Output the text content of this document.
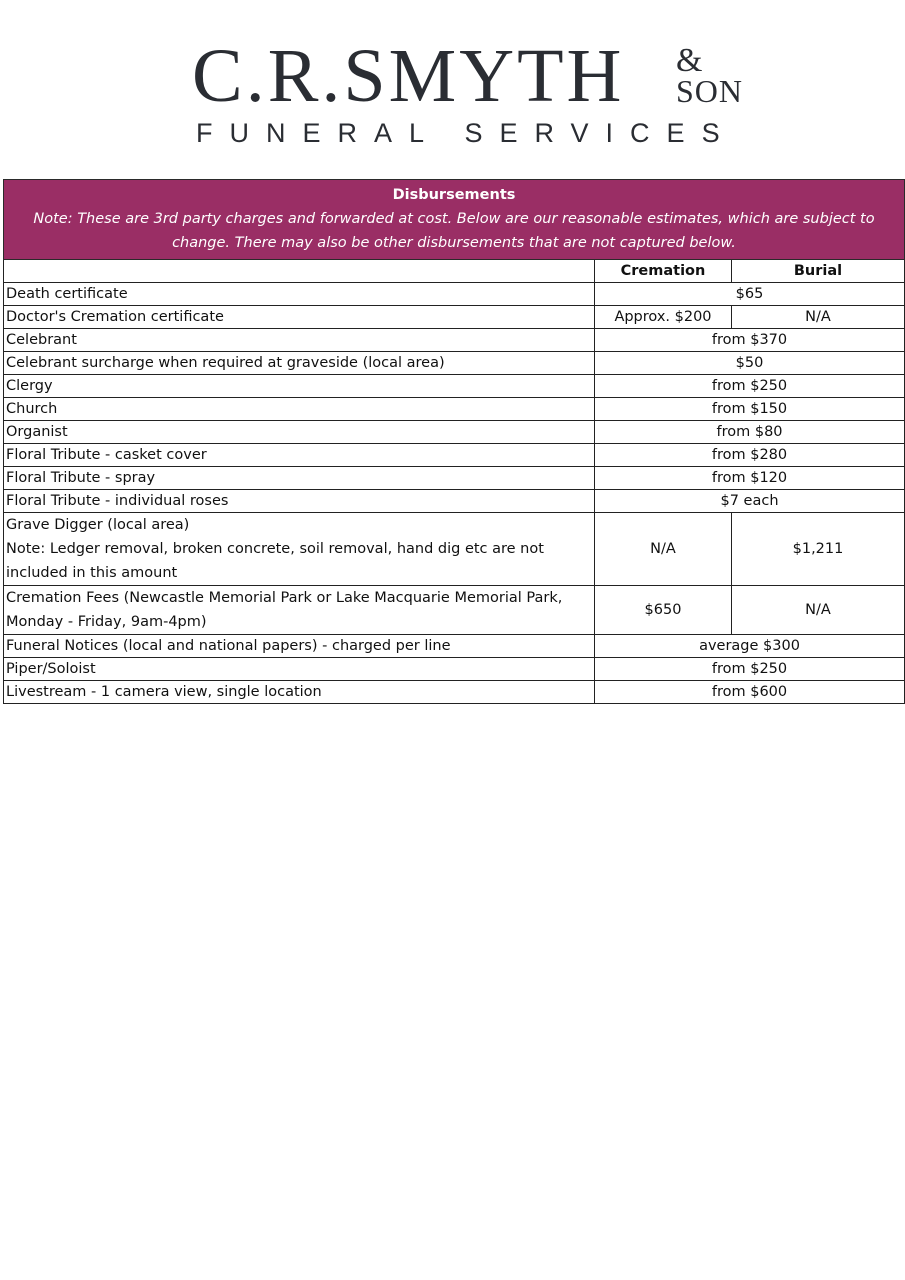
C.R.SMYTH &
SON
FUNERAL SERVICES
Disbursements
Note: These are 3rd party charges and forwarded at cost. Below are our reasonable estimates, which are subject to change. There may also be other disbursements that are not captured below.		

	Cremation	Burial
Death certificate	$65	
Doctor's Cremation certificate	Approx. $200	N/A
Celebrant	from $370	
Celebrant surcharge when required at graveside (local area)	$50	
Clergy	from $250	
Church	from $150	
Organist	from $80	
Floral Tribute - casket cover	from $280	
Floral Tribute - spray	from $120	
Floral Tribute - individual roses	$7 each	

Grave Digger (local area)
Note: Ledger removal, broken concrete, soil removal, hand dig etc are not
included in this amount	N/A	$1,211

Cremation Fees (Newcastle Memorial Park or Lake Macquarie Memorial Park,
Monday - Friday, 9am-4pm)	$650	N/A
Funeral Notices (local and national papers) - charged per line	average $300	
Piper/Soloist	from $250	
Livestream - 1 camera view, single location	from $600	
